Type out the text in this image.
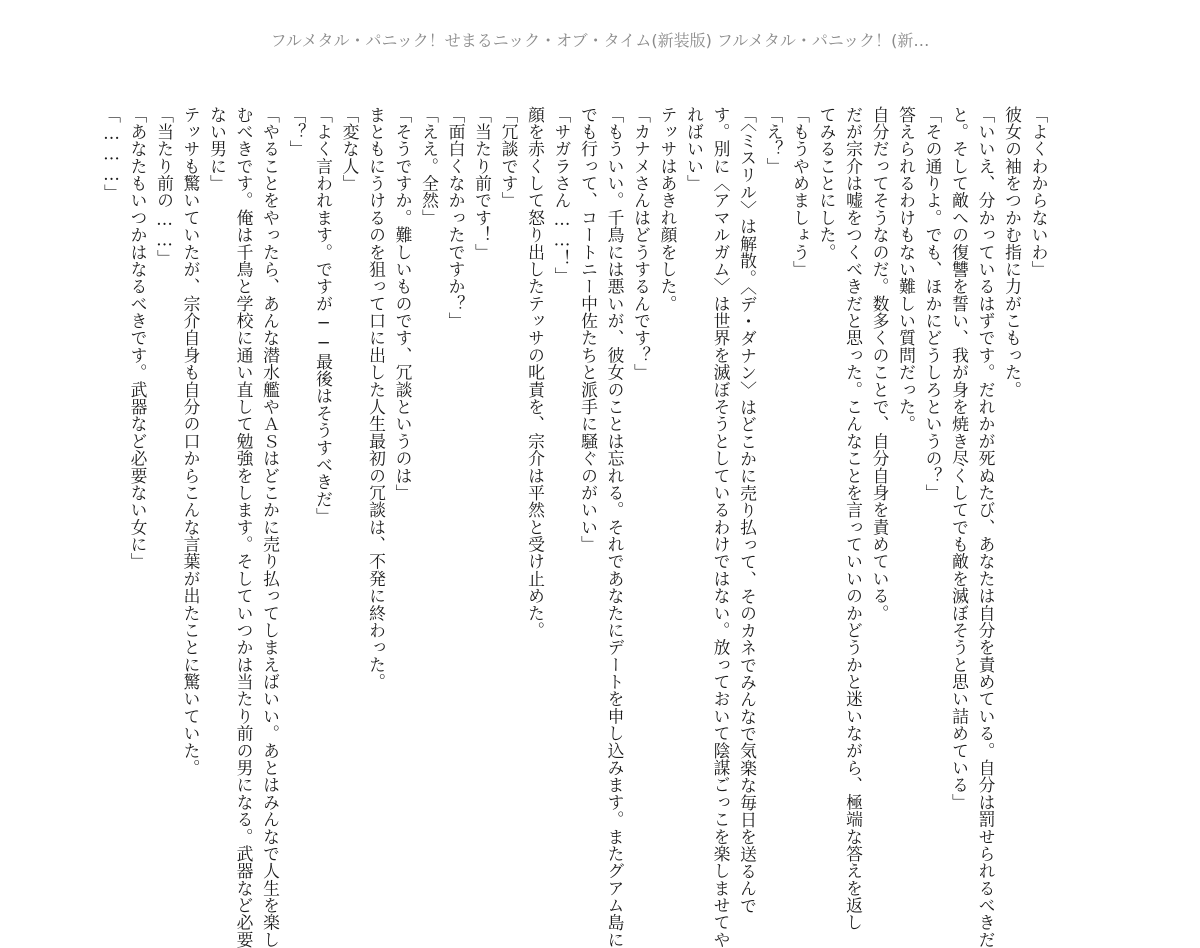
フルメタル・パニック！せまるニック・オブ・タイム(新装版) フルメタル・パニック！(新…
「よくわからないわ」
彼女の袖をつかむ指に力がこもった。
「いいえ、分かっているはずです。だれかが死ぬたび、あなたは自分を責めている。自分は罰せられるべきだ
と。そして敵への復讐を誓い、我が身を焼き尽くしてでも敵を滅ぼそうと思い詰めている」
「その通りよ。でも、ほかにどうしろというの？」
答えられるわけもない難しい質問だった。
自分だってそうなのだ。数多くのことで、自分自身を責めている。
だが宗介は嘘をつくべきだと思った。こんなことを言っていいのかどうかと迷いながら、極端な答えを返し
てみることにした。
「もうやめましょう」
「え？」
「〈ミスリル〉は解散。〈デ・ダナン〉はどこかに売り払って、そのカネでみんなで気楽な毎日を送るんで
す。別に〈アマルガム〉は世界を滅ぼそうとしているわけではない。放っておいて陰謀ごっこを楽しませてや
ればいい」
テッサはあきれ顔をした。
「カナメさんはどうするんです？」
「もういい。千鳥には悪いが、彼女のことは忘れる。それであなたにデートを申し込みます。またグアム島に
でも行って、コートニー中佐たちと派手に騒ぐのがいい」
「サガラさん……！」
顔を赤くして怒り出したテッサの叱責を、宗介は平然と受け止めた。
「冗談です」
「当たり前です！」
「面白くなかったですか？」
「ええ。全然」
「そうですか。難しいものです、冗談というのは」
まともにうけるのを狙って口に出した人生最初の冗談は、不発に終わった。
「変な人」
「よく言われます。ですが──最後はそうすべきだ」
「？」
「やることをやったら、あんな潜水艦やＡＳはどこかに売り払ってしまえばいい。あとはみんなで人生を楽し
むべきです。俺は千鳥と学校に通い直して勉強をします。そしていつかは当たり前の男になる。武器など必要
ない男に」
テッサも驚いていたが、宗介自身も自分の口からこんな言葉が出たことに驚いていた。
「当たり前の……」
「あなたもいつかはなるべきです。武器など必要ない女に」
「………」
